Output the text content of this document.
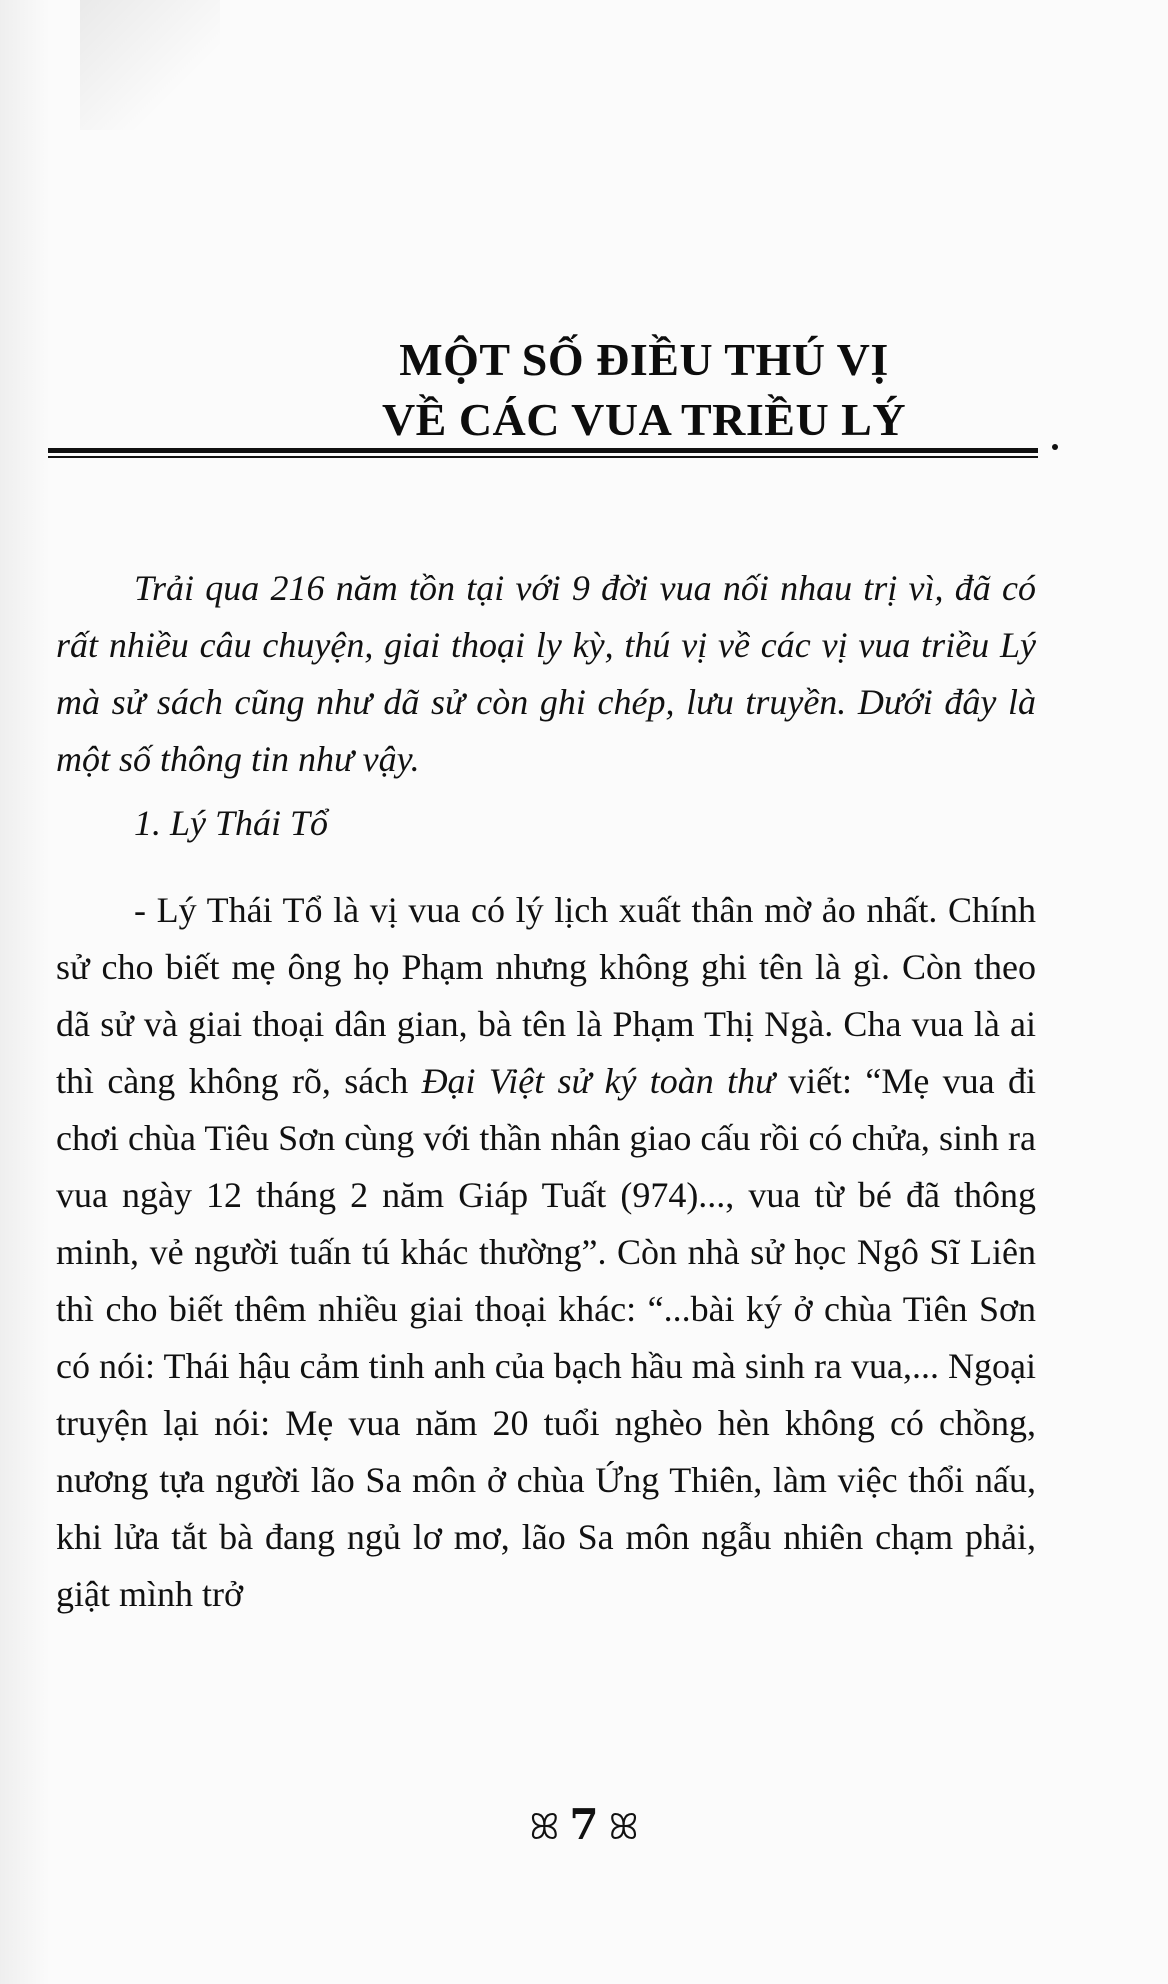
MỘT SỐ ĐIỀU THÚ VỊ
VỀ CÁC VUA TRIỀU LÝ

Trải qua 216 năm tồn tại với 9 đời vua nối nhau trị vì, đã có rất nhiều câu chuyện, giai thoại ly kỳ, thú vị về các vị vua triều Lý mà sử sách cũng như dã sử còn ghi chép, lưu truyền. Dưới đây là một số thông tin như vậy.

1. Lý Thái Tổ

- Lý Thái Tổ là vị vua có lý lịch xuất thân mờ ảo nhất. Chính sử cho biết mẹ ông họ Phạm nhưng không ghi tên là gì. Còn theo dã sử và giai thoại dân gian, bà tên là Phạm Thị Ngà. Cha vua là ai thì càng không rõ, sách Đại Việt sử ký toàn thư viết: “Mẹ vua đi chơi chùa Tiêu Sơn cùng với thần nhân giao cấu rồi có chửa, sinh ra vua ngày 12 tháng 2 năm Giáp Tuất (974)..., vua từ bé đã thông minh, vẻ người tuấn tú khác thường”. Còn nhà sử học Ngô Sĩ Liên thì cho biết thêm nhiều giai thoại khác: “...bài ký ở chùa Tiên Sơn có nói: Thái hậu cảm tinh anh của bạch hầu mà sinh ra vua,... Ngoại truyện lại nói: Mẹ vua năm 20 tuổi nghèo hèn không có chồng, nương tựa người lão Sa môn ở chùa Ứng Thiên, làm việc thổi nấu, khi lửa tắt bà đang ngủ lơ mơ, lão Sa môn ngẫu nhiên chạm phải, giật mình trở

ꕤ 7 ꕤ
